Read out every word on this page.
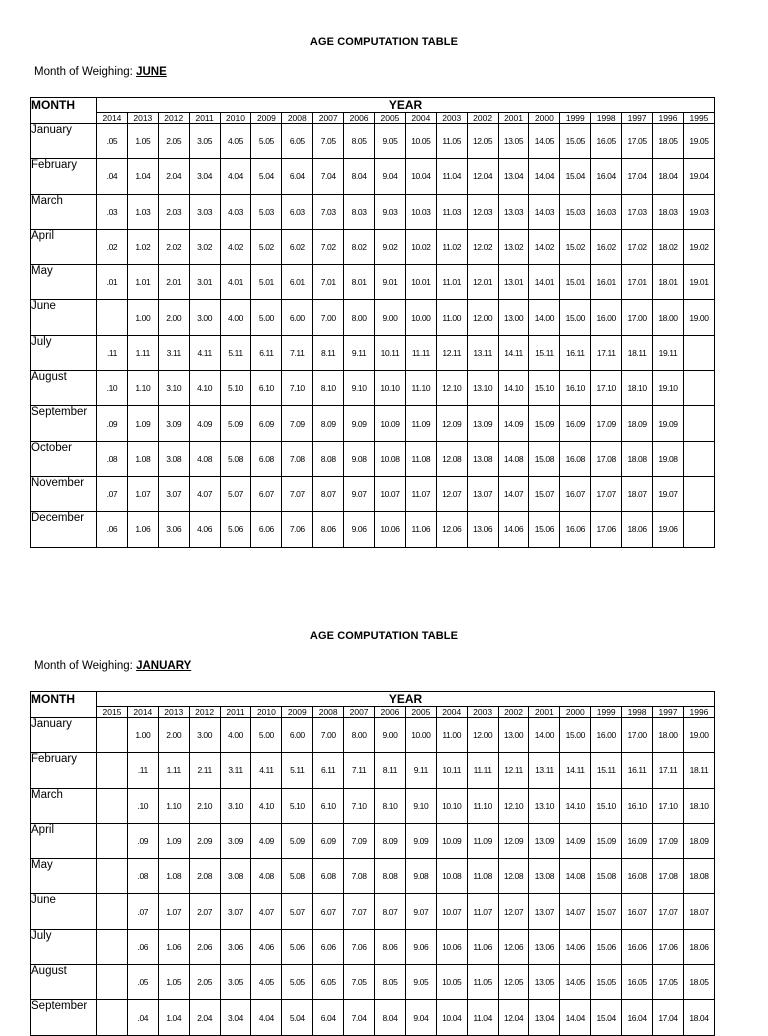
AGE COMPUTATION TABLE
Month of Weighing: JUNE
MONTH	YEAR																			
	2014	2013	2012	2011	2010	2009	2008	2007	2006	2005	2004	2003	2002	2001	2000	1999	1998	1997	1996	1995
January	.05	1.05	2.05	3.05	4.05	5.05	6.05	7.05	8.05	9.05	10.05	11.05	12.05	13.05	14.05	15.05	16.05	17.05	18.05	19.05
February	.04	1.04	2.04	3.04	4.04	5.04	6.04	7.04	8.04	9.04	10.04	11.04	12.04	13.04	14.04	15.04	16.04	17.04	18.04	19.04
March	.03	1.03	2.03	3.03	4.03	5.03	6.03	7.03	8.03	9.03	10.03	11.03	12.03	13.03	14.03	15.03	16.03	17.03	18.03	19.03
April	.02	1.02	2.02	3.02	4.02	5.02	6.02	7.02	8.02	9.02	10.02	11.02	12.02	13.02	14.02	15.02	16.02	17.02	18.02	19.02
May	.01	1.01	2.01	3.01	4.01	5.01	6.01	7.01	8.01	9.01	10.01	11.01	12.01	13.01	14.01	15.01	16.01	17.01	18.01	19.01
June		1.00	2.00	3.00	4.00	5.00	6.00	7.00	8.00	9.00	10.00	11.00	12.00	13.00	14.00	15.00	16.00	17.00	18.00	19.00
July	.11	1.11	3.11	4.11	5.11	6.11	7.11	8.11	9.11	10.11	11.11	12.11	13.11	14.11	15.11	16.11	17.11	18.11	19.11	
August	.10	1.10	3.10	4.10	5.10	6.10	7.10	8.10	9.10	10.10	11.10	12.10	13.10	14.10	15.10	16.10	17.10	18.10	19.10	
September	.09	1.09	3.09	4.09	5.09	6.09	7.09	8.09	9.09	10.09	11.09	12.09	13.09	14.09	15.09	16.09	17.09	18.09	19.09	
October	.08	1.08	3.08	4.08	5.08	6.08	7.08	8.08	9.08	10.08	11.08	12.08	13.08	14.08	15.08	16.08	17.08	18.08	19.08	
November	.07	1.07	3.07	4.07	5.07	6.07	7.07	8.07	9.07	10.07	11.07	12.07	13.07	14.07	15.07	16.07	17.07	18.07	19.07	
December	.06	1.06	3.06	4.06	5.06	6.06	7.06	8.06	9.06	10.06	11.06	12.06	13.06	14.06	15.06	16.06	17.06	18.06	19.06	
AGE COMPUTATION TABLE
Month of Weighing: JANUARY
MONTH	YEAR																			
	2015	2014	2013	2012	2011	2010	2009	2008	2007	2006	2005	2004	2003	2002	2001	2000	1999	1998	1997	1996
January		1.00	2.00	3.00	4.00	5.00	6.00	7.00	8.00	9.00	10.00	11.00	12.00	13.00	14.00	15.00	16.00	17.00	18.00	19.00
February		.11	1.11	2.11	3.11	4.11	5.11	6.11	7.11	8.11	9.11	10.11	11.11	12.11	13.11	14.11	15.11	16.11	17.11	18.11
March		.10	1.10	2.10	3.10	4.10	5.10	6.10	7.10	8.10	9.10	10.10	11.10	12.10	13.10	14.10	15.10	16.10	17.10	18.10
April		.09	1.09	2.09	3.09	4.09	5.09	6.09	7.09	8.09	9.09	10.09	11.09	12.09	13.09	14.09	15.09	16.09	17.09	18.09
May		.08	1.08	2.08	3.08	4.08	5.08	6.08	7.08	8.08	9.08	10.08	11.08	12.08	13.08	14.08	15.08	16.08	17.08	18.08
June		.07	1.07	2.07	3.07	4.07	5.07	6.07	7.07	8.07	9.07	10.07	11.07	12.07	13.07	14.07	15.07	16.07	17.07	18.07
July		.06	1.06	2.06	3.06	4.06	5.06	6.06	7.06	8.06	9.06	10.06	11.06	12.06	13.06	14.06	15.06	16.06	17.06	18.06
August		.05	1.05	2.05	3.05	4.05	5.05	6.05	7.05	8.05	9.05	10.05	11.05	12.05	13.05	14.05	15.05	16.05	17.05	18.05
September		.04	1.04	2.04	3.04	4.04	5.04	6.04	7.04	8.04	9.04	10.04	11.04	12.04	13.04	14.04	15.04	16.04	17.04	18.04
